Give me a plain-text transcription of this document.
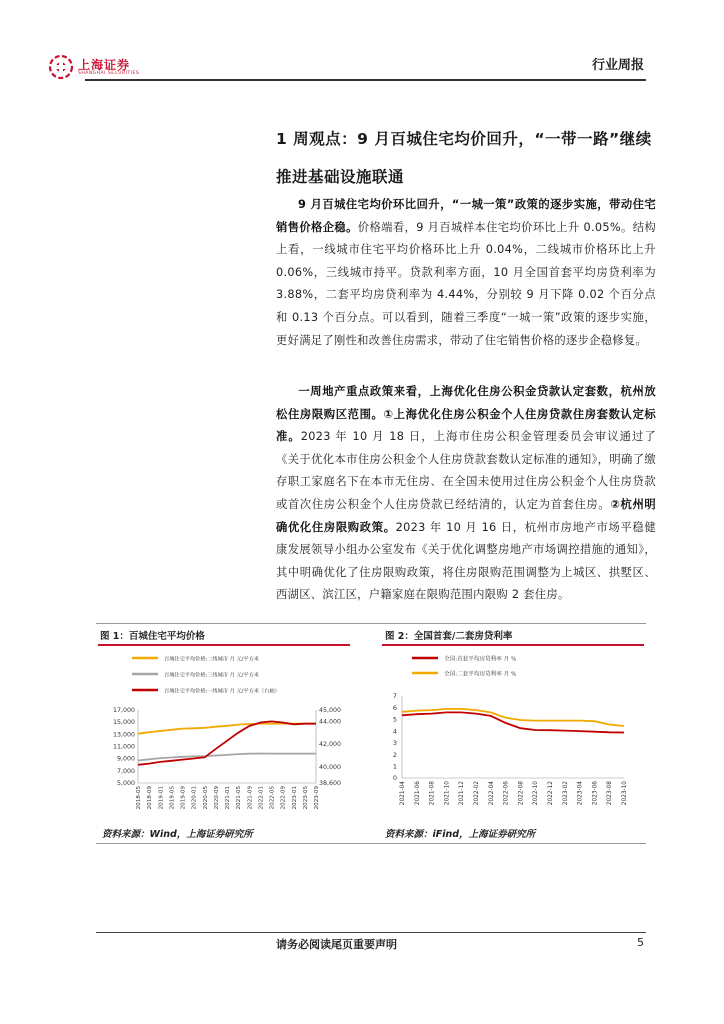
上海证券
SHANGHAI SECURITIES
行业周报
1 周观点：9 月百城住宅均价回升，“一带一路”继续推进基础设施联通
9 月百城住宅均价环比回升，“一城一策”政策的逐步实施，带动住宅销售价格企稳。价格端看，9 月百城样本住宅均价环比上升 0.05%。结构上看，一线城市住宅平均价格环比上升 0.04%，二线城市价格环比上升 0.06%，三线城市持平。贷款利率方面，10 月全国首套平均房贷利率为 3.88%，二套平均房贷利率为 4.44%，分别较 9 月下降 0.02 个百分点和 0.13 个百分点。可以看到，随着三季度“一城一策”政策的逐步实施，更好满足了刚性和改善住房需求，带动了住宅销售价格的逐步企稳修复。
一周地产重点政策来看，上海优化住房公积金贷款认定套数，杭州放松住房限购区范围。①上海优化住房公积金个人住房贷款住房套数认定标准。2023 年 10 月 18 日，上海市住房公积金管理委员会审议通过了《关于优化本市住房公积金个人住房贷款套数认定标准的通知》，明确了缴存职工家庭名下在本市无住房、在全国未使用过住房公积金个人住房贷款或首次住房公积金个人住房贷款已经结清的，认定为首套住房。②杭州明确优化住房限购政策。2023 年 10 月 16 日，杭州市房地产市场平稳健康发展领导小组办公室发布《关于优化调整房地产市场调控措施的通知》，其中明确优化了住房限购政策，将住房限购范围调整为上城区、拱墅区、西湖区、滨江区，户籍家庭在限购范围内限购 2 套住房。
图 1：百城住宅平均价格	图 2：全国首套/二套房贷利率
百城住宅平均价格:二线城市 月 元/平方米
百城住宅平均价格:三线城市 月 元/平方米
百城住宅平均价格:一线城市 月 元/平方米（右轴）
5,000
7,000
9,000
11,000
13,000
15,000
17,000
38,600
40,000
42,000
44,000
45,000
2018-05 2018-09 2019-01 2019-05 2019-09 2020-01 2020-05 2020-09 2021-01 2021-05 2021-09 2022-01 2022-05 2022-09 2023-01 2023-05 2023-09
全国:首套平均房贷利率 月 %
全国:二套平均房贷利率 月 %
0
1
2
3
4
5
6
7
2021-04 2021-06 2021-08 2021-10 2021-12 2022-02 2022-04 2022-06 2022-08 2022-10 2022-12 2023-02 2023-04 2023-06 2023-08 2023-10
资料来源：Wind，上海证券研究所	资料来源：iFind，上海证券研究所
请务必阅读尾页重要声明	5
